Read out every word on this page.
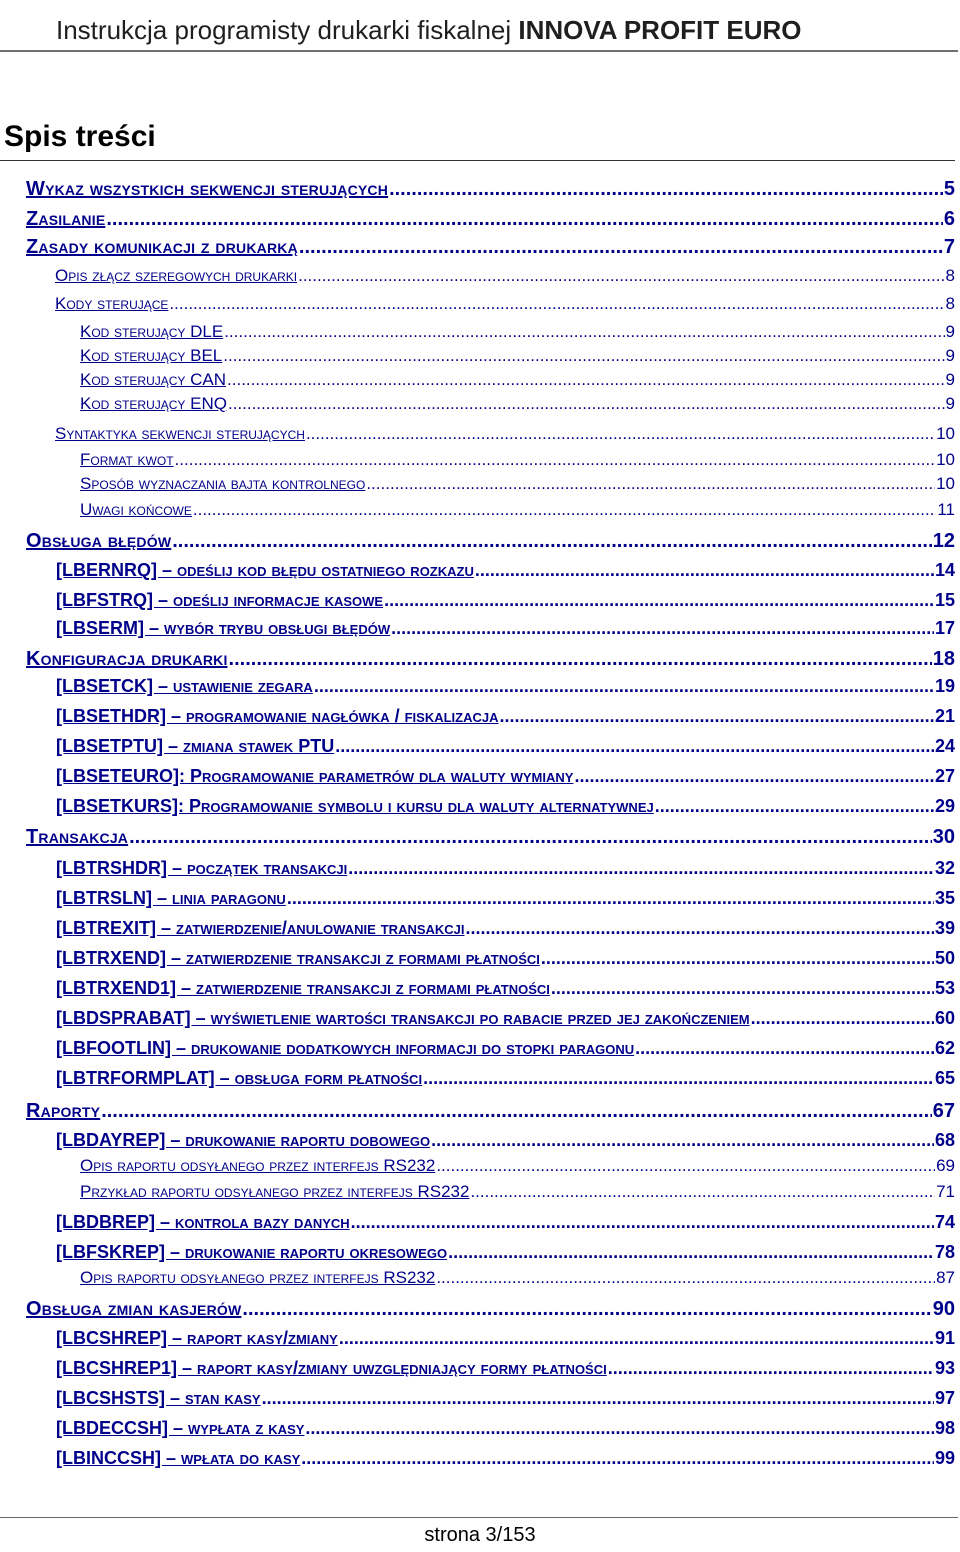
Instrukcja programisty drukarki fiskalnej INNOVA PROFIT EURO
Spis treści
Wykaz wszystkich sekwencji sterujących .....	5
Zasilanie .....	6
Zasady komunikacji z drukarką .....	7
Opis złącz szeregowych drukarki .....	8
Kody sterujące .....	8
Kod sterujący DLE .....	9
Kod sterujący BEL .....	9
Kod sterujący CAN .....	9
Kod sterujący ENQ .....	9
Syntaktyka sekwencji sterujących .....	10
Format kwot .....	10
Sposób wyznaczania bajta kontrolnego .....	10
Uwagi końcowe .....	11
Obsługa błędów .....	12
[LBERNRQ] – odeślij kod błędu ostatniego rozkazu .....	14
[LBFSTRQ] – odeślij informacje kasowe .....	15
[LBSERM] – wybór trybu obsługi błędów .....	17
Konfiguracja drukarki .....	18
[LBSETCK] – ustawienie zegara .....	19
[LBSETHDR] – programowanie nagłówka / fiskalizacja .....	21
[LBSETPTU] – zmiana stawek PTU .....	24
[LBSETEURO]: Programowanie parametrów dla waluty wymiany .....	27
[LBSETKURS]: Programowanie symbolu i kursu dla waluty alternatywnej .....	29
Transakcja .....	30
[LBTRSHDR] – początek transakcji .....	32
[LBTRSLN] – linia paragonu .....	35
[LBTREXIT] – zatwierdzenie/anulowanie transakcji .....	39
[LBTRXEND] – zatwierdzenie transakcji z formami płatności .....	50
[LBTRXEND1] – zatwierdzenie transakcji z formami płatności .....	53
[LBDSPRABAT] – wyświetlenie wartości transakcji po rabacie przed jej zakończeniem .....	60
[LBFOOTLIN] – drukowanie dodatkowych informacji do stopki paragonu .....	62
[LBTRFORMPLAT] – obsługa form płatności .....	65
Raporty .....	67
[LBDAYREP] – drukowanie raportu dobowego .....	68
Opis raportu odsyłanego przez interfejs RS232 .....	69
Przykład raportu odsyłanego przez interfejs RS232 .....	71
[LBDBREP] – kontrola bazy danych .....	74
[LBFSKREP] – drukowanie raportu okresowego .....	78
Opis raportu odsyłanego przez interfejs RS232 .....	87
Obsługa zmian kasjerów .....	90
[LBCSHREP] – raport kasy/zmiany .....	91
[LBCSHREP1] – raport kasy/zmiany uwzględniający formy płatności .....	93
[LBCSHSTS] – stan kasy .....	97
[LBDECCSH] – wypłata z kasy .....	98
[LBINCCSH] – wpłata do kasy .....	99
strona 3/153
